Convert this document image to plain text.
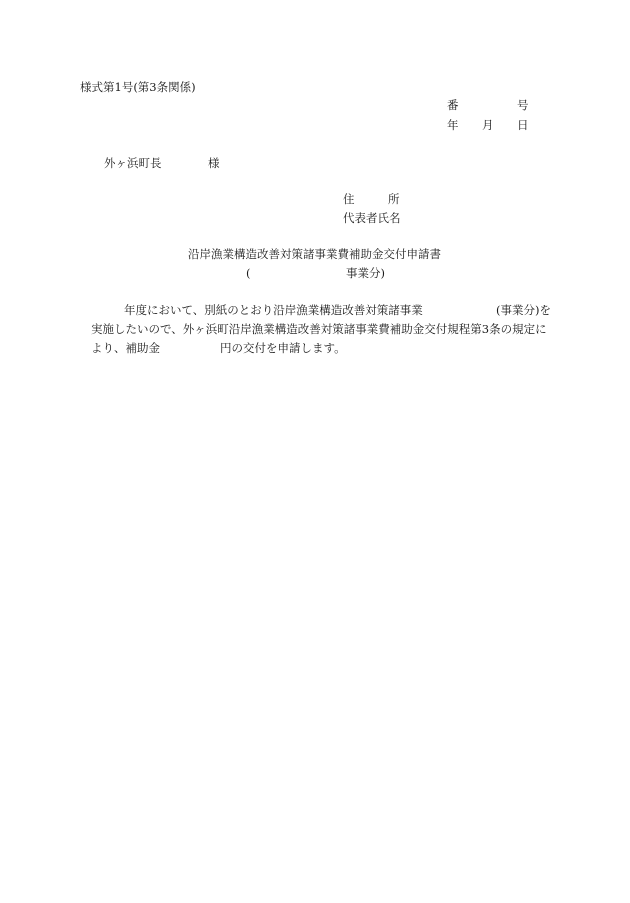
様式第1号(第3条関係)
番	号
年 月 日
外ヶ浜町長	様
住	所
代表者氏名
沿岸漁業構造改善対策諸事業費補助金交付申請書
(	事業分)
年度において、別紙のとおり沿岸漁業構造改善対策諸事業	(事業分)を
実施したいので、外ヶ浜町沿岸漁業構造改善対策諸事業費補助金交付規程第3条の規定に
より、補助金	円の交付を申請します。
